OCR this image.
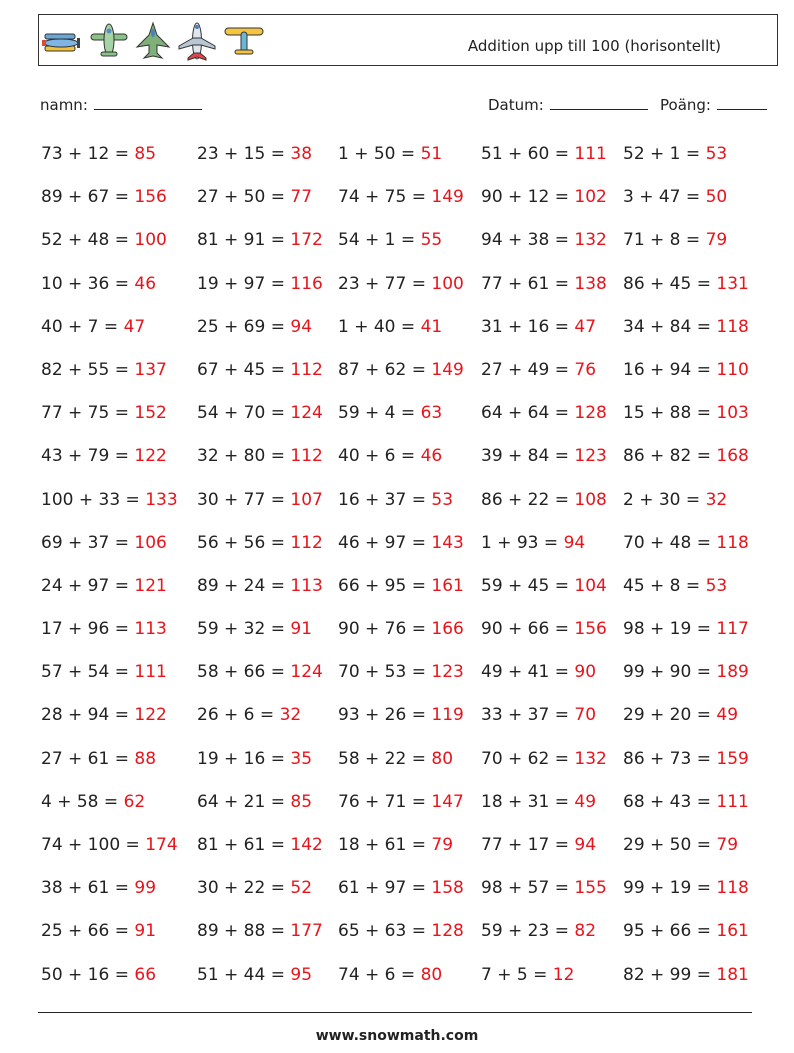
Addition upp till 100 (horisontellt)
namn:	Datum:	Poäng:
73 + 12 = 85 23 + 15 = 38 1 + 50 = 51 51 + 60 = 111 52 + 1 = 53
89 + 67 = 156 27 + 50 = 77 74 + 75 = 149 90 + 12 = 102 3 + 47 = 50
52 + 48 = 100 81 + 91 = 172 54 + 1 = 55 94 + 38 = 132 71 + 8 = 79
10 + 36 = 46 19 + 97 = 116 23 + 77 = 100 77 + 61 = 138 86 + 45 = 131
40 + 7 = 47	25 + 69 = 94 1 + 40 = 41 31 + 16 = 47 34 + 84 = 118
82 + 55 = 137 67 + 45 = 112 87 + 62 = 149 27 + 49 = 76 16 + 94 = 110
77 + 75 = 152 54 + 70 = 124 59 + 4 = 63 64 + 64 = 128 15 + 88 = 103
43 + 79 = 122 32 + 80 = 112 40 + 6 = 46 39 + 84 = 123 86 + 82 = 168
100 + 33 = 133 30 + 77 = 107 16 + 37 = 53 86 + 22 = 108 2 + 30 = 32
69 + 37 = 106 56 + 56 = 112 46 + 97 = 143 1 + 93 = 94 70 + 48 = 118
24 + 97 = 121 89 + 24 = 113 66 + 95 = 161 59 + 45 = 104 45 + 8 = 53
17 + 96 = 113 59 + 32 = 91 90 + 76 = 166 90 + 66 = 156 98 + 19 = 117
57 + 54 = 111 58 + 66 = 124 70 + 53 = 123 49 + 41 = 90 99 + 90 = 189
28 + 94 = 122 26 + 6 = 32 93 + 26 = 119 33 + 37 = 70 29 + 20 = 49
27 + 61 = 88 19 + 16 = 35 58 + 22 = 80 70 + 62 = 132 86 + 73 = 159
4 + 58 = 62	64 + 21 = 85 76 + 71 = 147 18 + 31 = 49 68 + 43 = 111
74 + 100 = 174 81 + 61 = 142 18 + 61 = 79 77 + 17 = 94 29 + 50 = 79
38 + 61 = 99 30 + 22 = 52 61 + 97 = 158 98 + 57 = 155 99 + 19 = 118
25 + 66 = 91 89 + 88 = 177 65 + 63 = 128 59 + 23 = 82 95 + 66 = 161
50 + 16 = 66 51 + 44 = 95 74 + 6 = 80 7 + 5 = 12	82 + 99 = 181
www.snowmath.com
